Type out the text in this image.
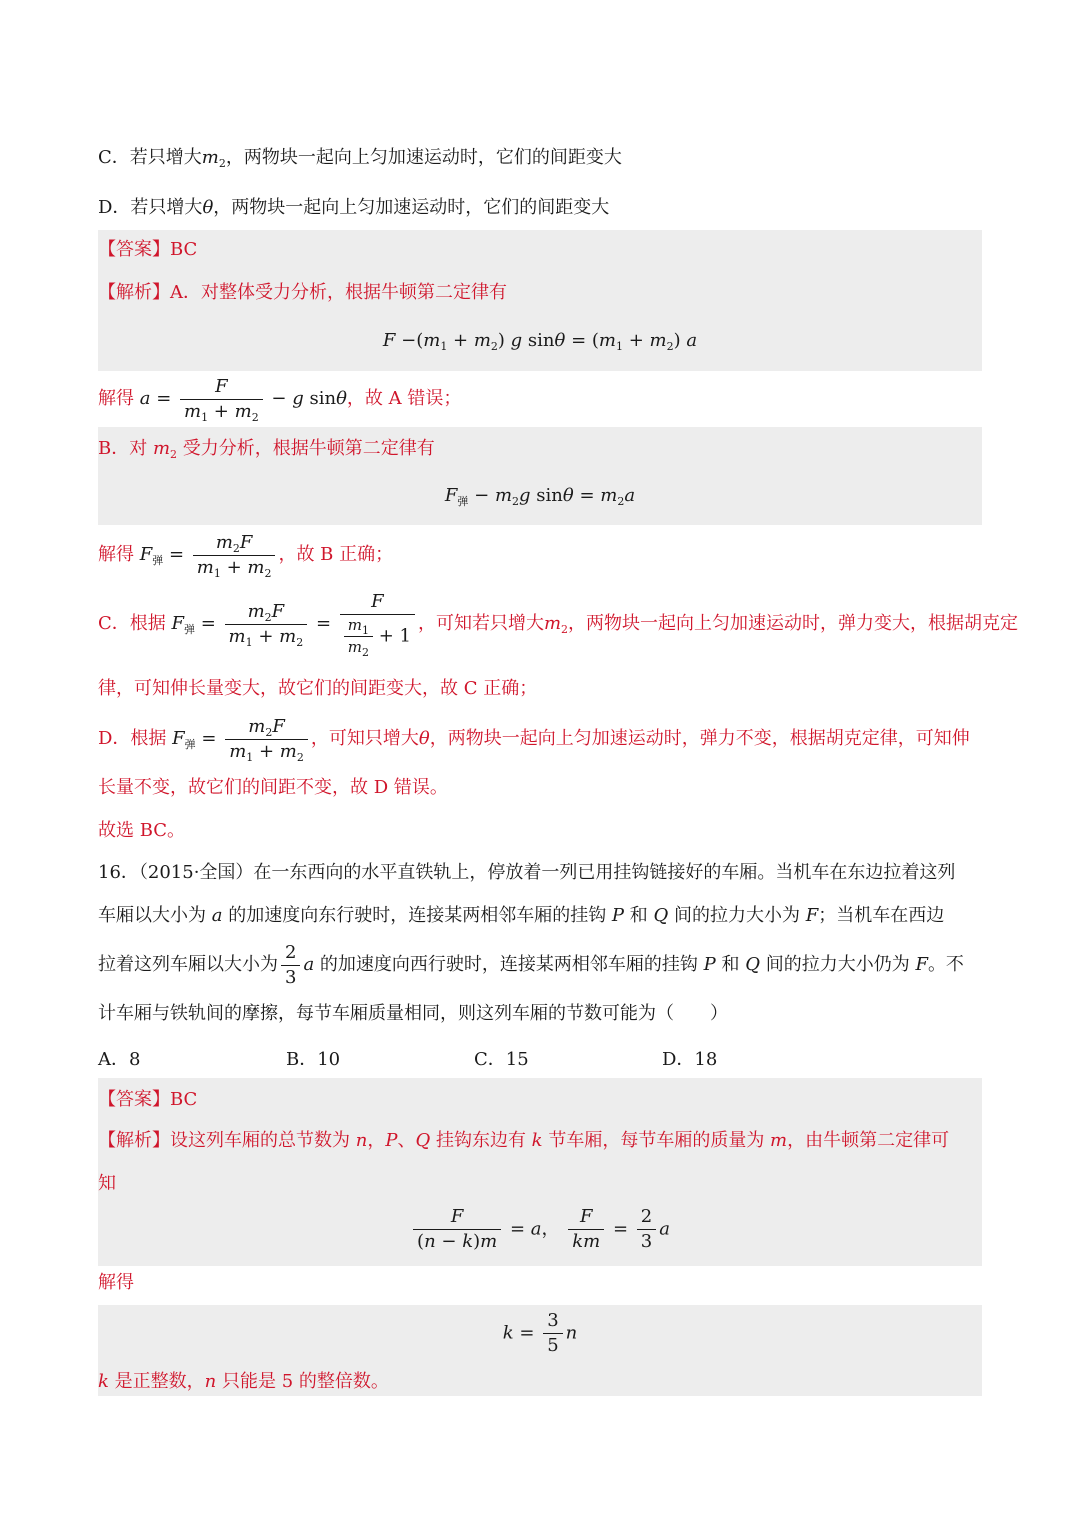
C．若只增大$m_2$，两物块一起向上匀加速运动时，它们的间距变大
D．若只增大θ，两物块一起向上匀加速运动时，它们的间距变大
【答案】BC
【解析】A．对整体受力分析，根据牛顿第二定律有
$F -(m_1 + m_2)$ g $\sin\theta = (m_1 + m_2)$ a
解得 $a = \frac{F}{m_1 + m_2} - g$ sinθ，故 A 错误；
B．对 $m_2$ 受力分析，根据牛顿第二定律有
$F_弹 - m_2g$ $\sin\theta = m_2a$
解得 $F_弹 = \frac{m_2F}{m_1 + m_2}$ ，故 B 正确；
C．根据 $F_弹 = \frac{m_2F}{m_1 + m_2} = \frac{F}{\frac{m_1}{m_2} + 1}$ ，可知若只增大$m_2$，两物块一起向上匀加速运动时，弹力变大，根据胡克定
律，可知伸长量变大，故它们的间距变大，故 C 正确；
D．根据 $F_弹 = \frac{m_2F}{m_1 + m_2}$ ，可知只增大θ，两物块一起向上匀加速运动时，弹力不变，根据胡克定律，可知伸
长量不变，故它们的间距不变，故 D 错误。
故选 BC。
16．（2015·全国）在一东西向的水平直铁轨上，停放着一列已用挂钩链接好的车厢。当机车在东边拉着这列
车厢以大小为 a 的加速度向东行驶时，连接某两相邻车厢的挂钩 P 和 Q 间的拉力大小为 F；当机车在西边
拉着这列车厢以大小为 $\frac{2}{3}$ a 的加速度向西行驶时，连接某两相邻车厢的挂钩 P 和 Q 间的拉力大小仍为 F。不
计车厢与铁轨间的摩擦，每节车厢质量相同，则这列车厢的节数可能为（　　）
A．8	B．10	C．15	D．18
【答案】BC
【解析】设这列车厢的总节数为 n，P、Q 挂钩东边有 k 节车厢，每节车厢的质量为 m，由牛顿第二定律可
知
$\frac{F}{(n - k)m} = a$， $\frac{F}{km} = \frac{2}{3}$ a
解得
$k = \frac{3}{5}$ n
k 是正整数，n 只能是 5 的整倍数。
